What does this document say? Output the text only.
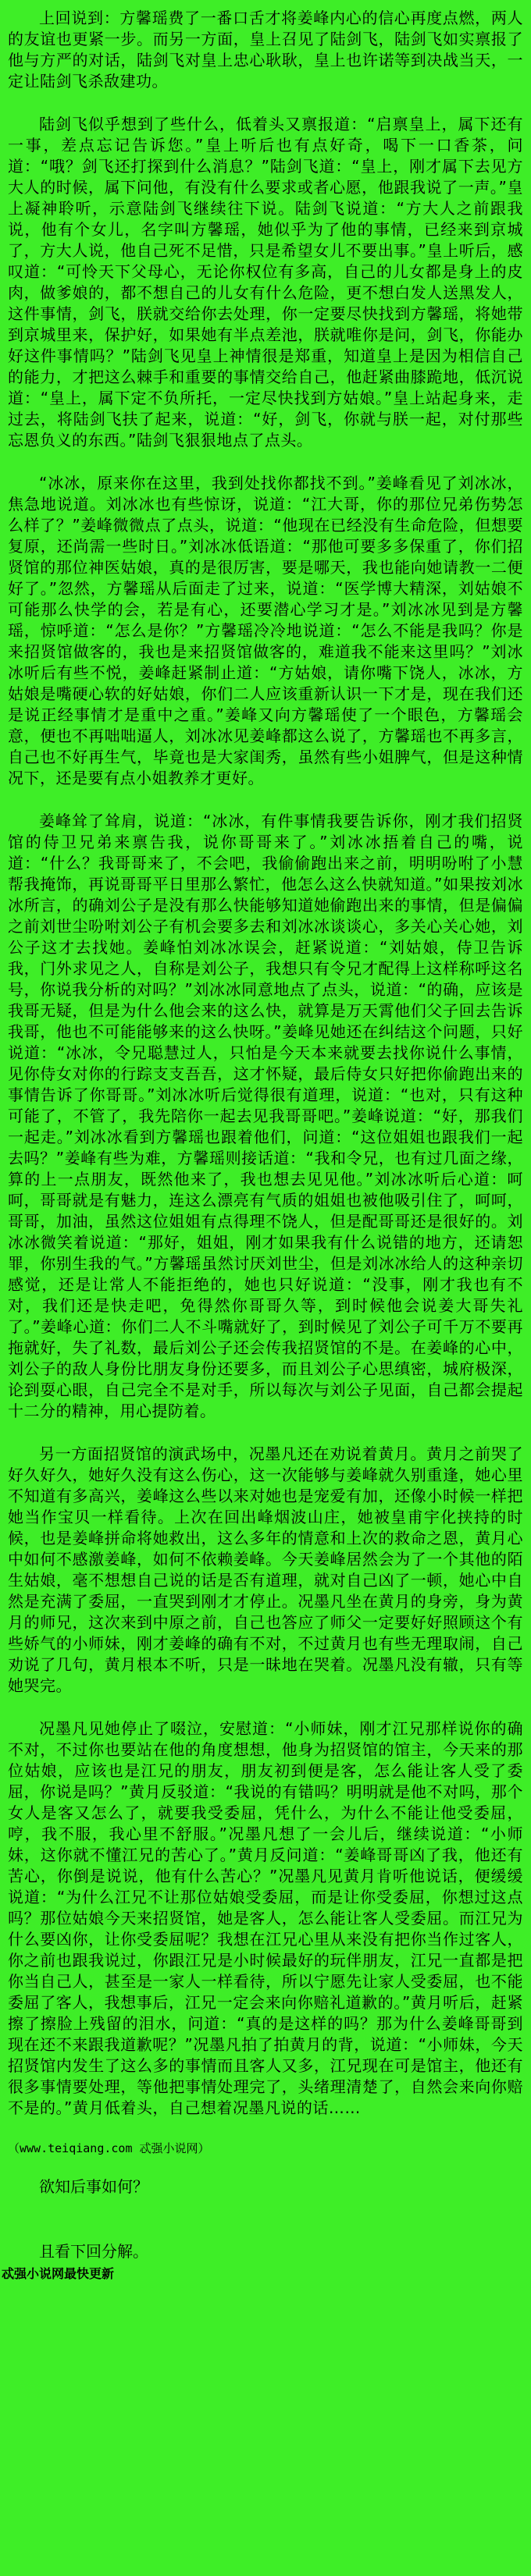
上回说到：方馨瑶费了一番口舌才将姜峰内心的信心再度点燃，两人的友谊也更紧一步。而另一方面，皇上召见了陆剑飞，陆剑飞如实禀报了他与方严的对话，陆剑飞对皇上忠心耿耿，皇上也许诺等到决战当天，一定让陆剑飞杀敌建功。

陆剑飞似乎想到了些什么，低着头又禀报道：“启禀皇上，属下还有一事，差点忘记告诉您。”皇上听后也有点好奇，喝下一口香茶，问道：“哦？剑飞还打探到什么消息？”陆剑飞道：“皇上，刚才属下去见方大人的时候，属下问他，有没有什么要求或者心愿，他跟我说了一声。”皇上凝神聆听，示意陆剑飞继续往下说。陆剑飞说道：“方大人之前跟我说，他有个女儿，名字叫方馨瑶，她似乎为了他的事情，已经来到京城了，方大人说，他自己死不足惜，只是希望女儿不要出事。”皇上听后，感叹道：“可怜天下父母心，无论你权位有多高，自己的儿女都是身上的皮肉，做爹娘的，都不想自己的儿女有什么危险，更不想白发人送黑发人，这件事情，剑飞，朕就交给你去处理，你一定要尽快找到方馨瑶，将她带到京城里来，保护好，如果她有半点差池，朕就唯你是问，剑飞，你能办好这件事情吗？”陆剑飞见皇上神情很是郑重，知道皇上是因为相信自己的能力，才把这么棘手和重要的事情交给自己，他赶紧曲膝跪地，低沉说道：“皇上，属下定不负所托，一定尽快找到方姑娘。”皇上站起身来，走过去，将陆剑飞扶了起来，说道：“好，剑飞，你就与朕一起，对付那些忘恩负义的东西。”陆剑飞狠狠地点了点头。

“冰冰，原来你在这里，我到处找你都找不到。”姜峰看见了刘冰冰，焦急地说道。刘冰冰也有些惊讶，说道：“江大哥，你的那位兄弟伤势怎么样了？”姜峰微微点了点头，说道：“他现在已经没有生命危险，但想要复原，还尚需一些时日。”刘冰冰低语道：“那他可要多多保重了，你们招贤馆的那位神医姑娘，真的是很厉害，要是哪天，我也能向她请教一二便好了。”忽然，方馨瑶从后面走了过来，说道：“医学博大精深，刘姑娘不可能那么快学的会，若是有心，还要潜心学习才是。”刘冰冰见到是方馨瑶，惊呼道：“怎么是你？”方馨瑶冷冷地说道：“怎么不能是我吗？你是来招贤馆做客的，我也是来招贤馆做客的，难道我不能来这里吗？”刘冰冰听后有些不悦，姜峰赶紧制止道：“方姑娘，请你嘴下饶人，冰冰，方姑娘是嘴硬心软的好姑娘，你们二人应该重新认识一下才是，现在我们还是说正经事情才是重中之重。”姜峰又向方馨瑶使了一个眼色，方馨瑶会意，便也不再咄咄逼人，刘冰冰见姜峰都这么说了，方馨瑶也不再多言，自己也不好再生气，毕竟也是大家闺秀，虽然有些小姐脾气，但是这种情况下，还是要有点小姐教养才更好。

姜峰耸了耸肩，说道：“冰冰，有件事情我要告诉你，刚才我们招贤馆的侍卫兄弟来禀告我，说你哥哥来了。”刘冰冰捂着自己的嘴，说道：“什么？我哥哥来了，不会吧，我偷偷跑出来之前，明明吩咐了小慧帮我掩饰，再说哥哥平日里那么繁忙，他怎么这么快就知道。”如果按刘冰冰所言，的确刘公子是没有那么快能够知道她偷跑出来的事情，但是偏偏之前刘世尘吩咐刘公子有机会要多去和刘冰冰谈谈心，多关心关心她，刘公子这才去找她。姜峰怕刘冰冰误会，赶紧说道：“刘姑娘，侍卫告诉我，门外求见之人，自称是刘公子，我想只有令兄才配得上这样称呼这名号，你说我分析的对吗？”刘冰冰同意地点了点头，说道：“的确，应该是我哥无疑，但是为什么他会来的这么快，就算是万天霄他们父子回去告诉我哥，他也不可能能够来的这么快呀。”姜峰见她还在纠结这个问题，只好说道：“冰冰，令兄聪慧过人，只怕是今天本来就要去找你说什么事情，见你侍女对你的行踪支支吾吾，这才怀疑，最后侍女只好把你偷跑出来的事情告诉了你哥哥。”刘冰冰听后觉得很有道理，说道：“也对，只有这种可能了，不管了，我先陪你一起去见我哥哥吧。”姜峰说道：“好，那我们一起走。”刘冰冰看到方馨瑶也跟着他们，问道：“这位姐姐也跟我们一起去吗？”姜峰有些为难，方馨瑶则接话道：“我和令兄，也有过几面之缘，算的上一点朋友，既然他来了，我也想去见见他。”刘冰冰听后心道：呵呵，哥哥就是有魅力，连这么漂亮有气质的姐姐也被他吸引住了，呵呵，哥哥，加油，虽然这位姐姐有点得理不饶人，但是配哥哥还是很好的。刘冰冰微笑着说道：“那好，姐姐，刚才如果我有什么说错的地方，还请恕罪，你别生我的气。”方馨瑶虽然讨厌刘世尘，但是刘冰冰给人的这种亲切感觉，还是让常人不能拒绝的，她也只好说道：“没事，刚才我也有不对，我们还是快走吧，免得然你哥哥久等，到时候他会说姜大哥失礼了。”姜峰心道：你们二人不斗嘴就好了，到时候见了刘公子可千万不要再拖就好，失了礼数，最后刘公子还会传我招贤馆的不是。在姜峰的心中，刘公子的敌人身份比朋友身份还要多，而且刘公子心思缜密，城府极深，论到耍心眼，自己完全不是对手，所以每次与刘公子见面，自己都会提起十二分的精神，用心提防着。

另一方面招贤馆的演武场中，况墨凡还在劝说着黄月。黄月之前哭了好久好久，她好久没有这么伤心，这一次能够与姜峰就久别重逢，她心里不知道有多高兴，姜峰这么些以来对她也是宠爱有加，还像小时候一样把她当作宝贝一样看待。上次在回出峰烟波山庄，她被皇甫宇化挟持的时候，也是姜峰拼命将她救出，这么多年的情意和上次的救命之恩，黄月心中如何不感激姜峰，如何不依赖姜峰。今天姜峰居然会为了一个其他的陌生姑娘，毫不想想自己说的话是否有道理，就对自己凶了一顿，她心中自然是充满了委屈，一直哭到刚才才停止。况墨凡坐在黄月的身旁，身为黄月的师兄，这次来到中原之前，自己也答应了师父一定要好好照顾这个有些娇气的小师妹，刚才姜峰的确有不对，不过黄月也有些无理取闹，自己劝说了几句，黄月根本不听，只是一昧地在哭着。况墨凡没有辙，只有等她哭完。

况墨凡见她停止了啜泣，安慰道：“小师妹，刚才江兄那样说你的确不对，不过你也要站在他的角度想想，他身为招贤馆的馆主，今天来的那位姑娘，应该也是江兄的朋友，朋友初到便是客，怎么能让客人受了委屈，你说是吗？”黄月反驳道：“我说的有错吗？明明就是他不对吗，那个女人是客又怎么了，就要我受委屈，凭什么，为什么不能让他受委屈，哼，我不服，我心里不舒服。”况墨凡想了一会儿后，继续说道：“小师妹，这你就不懂江兄的苦心了。”黄月反问道：“姜峰哥哥凶了我，他还有苦心，你倒是说说，他有什么苦心？”况墨凡见黄月肯听他说话，便缓缓说道：“为什么江兄不让那位姑娘受委屈，而是让你受委屈，你想过这点吗？那位姑娘今天来招贤馆，她是客人，怎么能让客人受委屈。而江兄为什么要凶你，让你受委屈呢？我想在江兄心里从来没有把你当作过客人，你之前也跟我说过，你跟江兄是小时候最好的玩伴朋友，江兄一直都是把你当自己人，甚至是一家人一样看待，所以宁愿先让家人受委屈，也不能委屈了客人，我想事后，江兄一定会来向你赔礼道歉的。”黄月听后，赶紧擦了擦脸上残留的泪水，问道：“真的是这样的吗？那为什么姜峰哥哥到现在还不来跟我道歉呢？”况墨凡拍了拍黄月的背，说道：“小师妹，今天招贤馆内发生了这么多的事情而且客人又多，江兄现在可是馆主，他还有很多事情要处理，等他把事情处理完了，头绪理清楚了，自然会来向你赔不是的。”黄月低着头，自己想着况墨凡说的话……

（www.teiqiang.com 忒强小说网）

欲知后事如何？

且看下回分解。

忒强小说网最快更新
